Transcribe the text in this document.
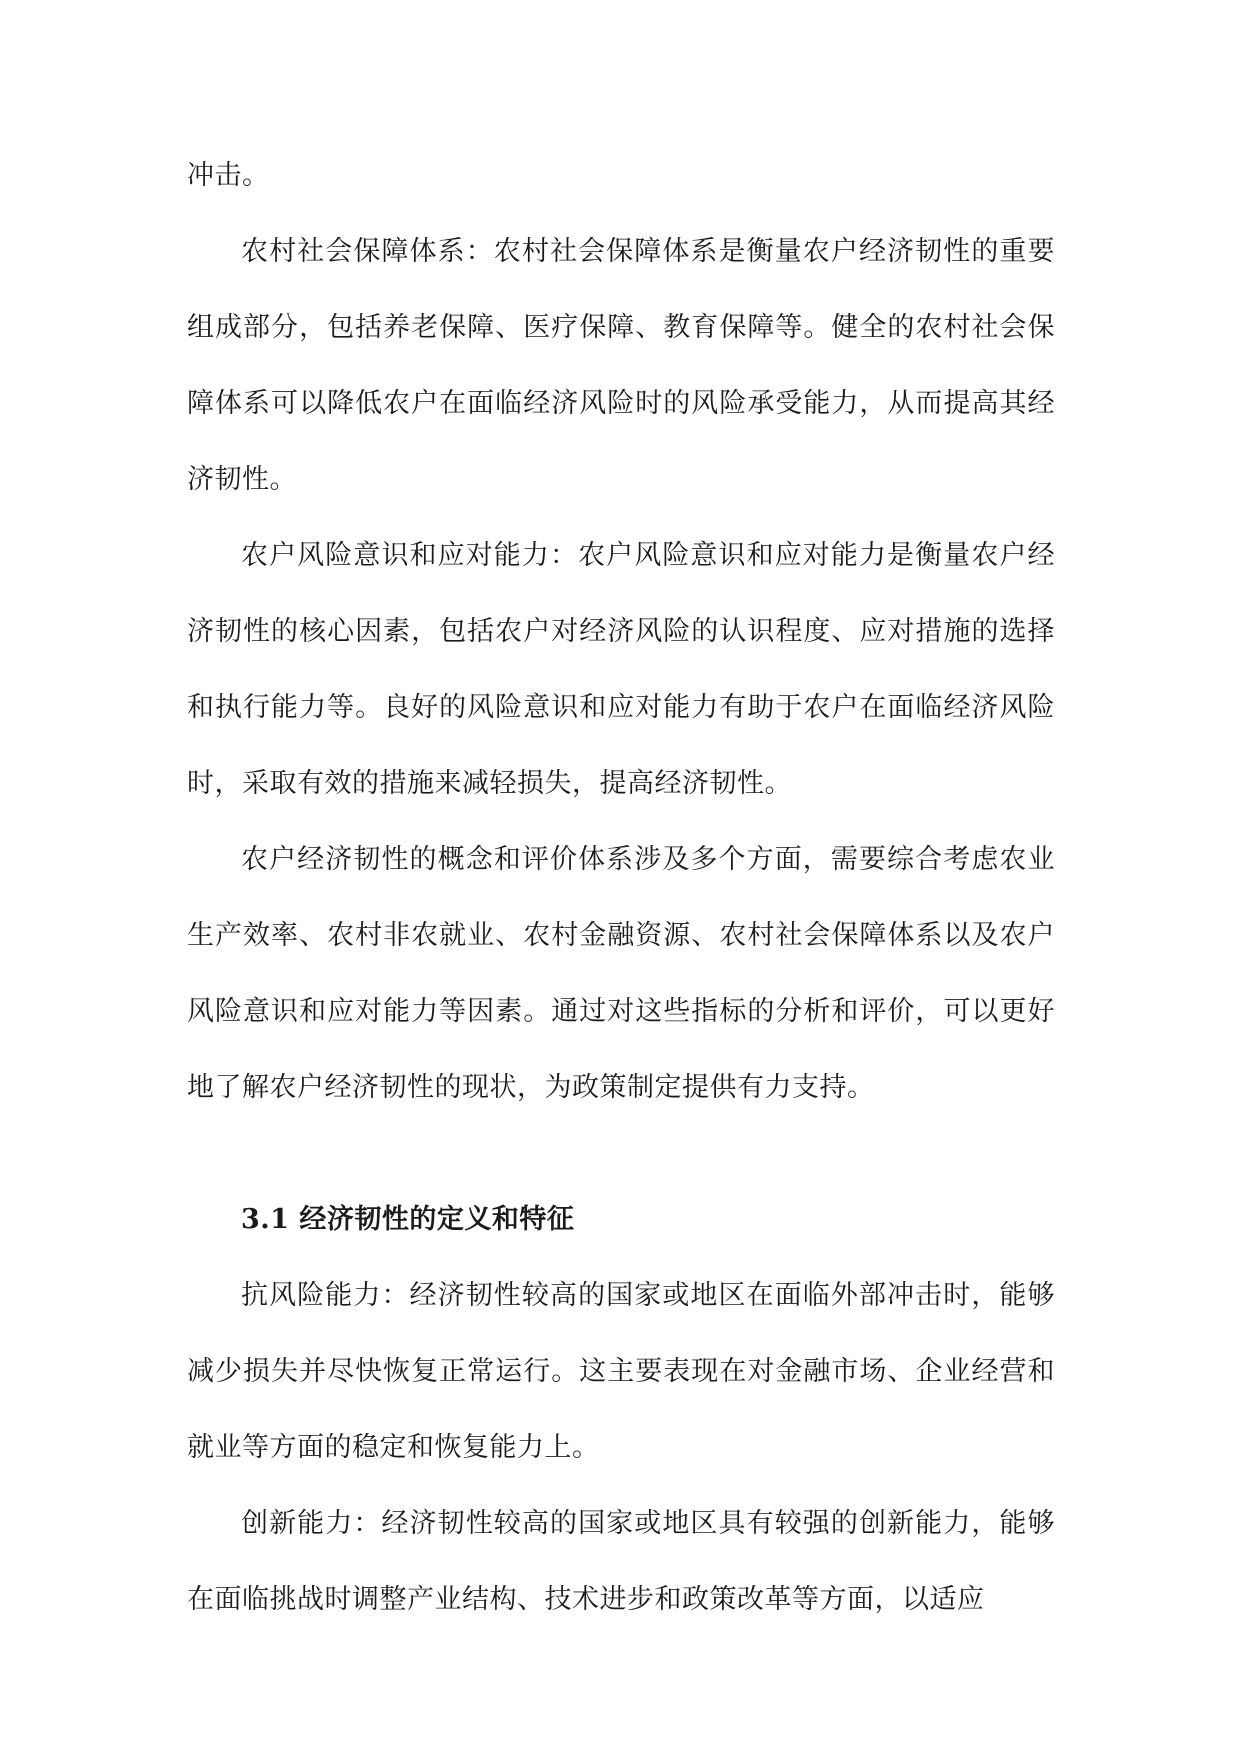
冲击。

农村社会保障体系：农村社会保障体系是衡量农户经济韧性的重要组成部分，包括养老保障、医疗保障、教育保障等。健全的农村社会保障体系可以降低农户在面临经济风险时的风险承受能力，从而提高其经济韧性。

农户风险意识和应对能力：农户风险意识和应对能力是衡量农户经济韧性的核心因素，包括农户对经济风险的认识程度、应对措施的选择和执行能力等。良好的风险意识和应对能力有助于农户在面临经济风险时，采取有效的措施来减轻损失，提高经济韧性。

农户经济韧性的概念和评价体系涉及多个方面，需要综合考虑农业生产效率、农村非农就业、农村金融资源、农村社会保障体系以及农户风险意识和应对能力等因素。通过对这些指标的分析和评价，可以更好地了解农户经济韧性的现状，为政策制定提供有力支持。

3.1 经济韧性的定义和特征

抗风险能力：经济韧性较高的国家或地区在面临外部冲击时，能够减少损失并尽快恢复正常运行。这主要表现在对金融市场、企业经营和就业等方面的稳定和恢复能力上。

创新能力：经济韧性较高的国家或地区具有较强的创新能力，能够在面临挑战时调整产业结构、技术进步和政策改革等方面，以适应
